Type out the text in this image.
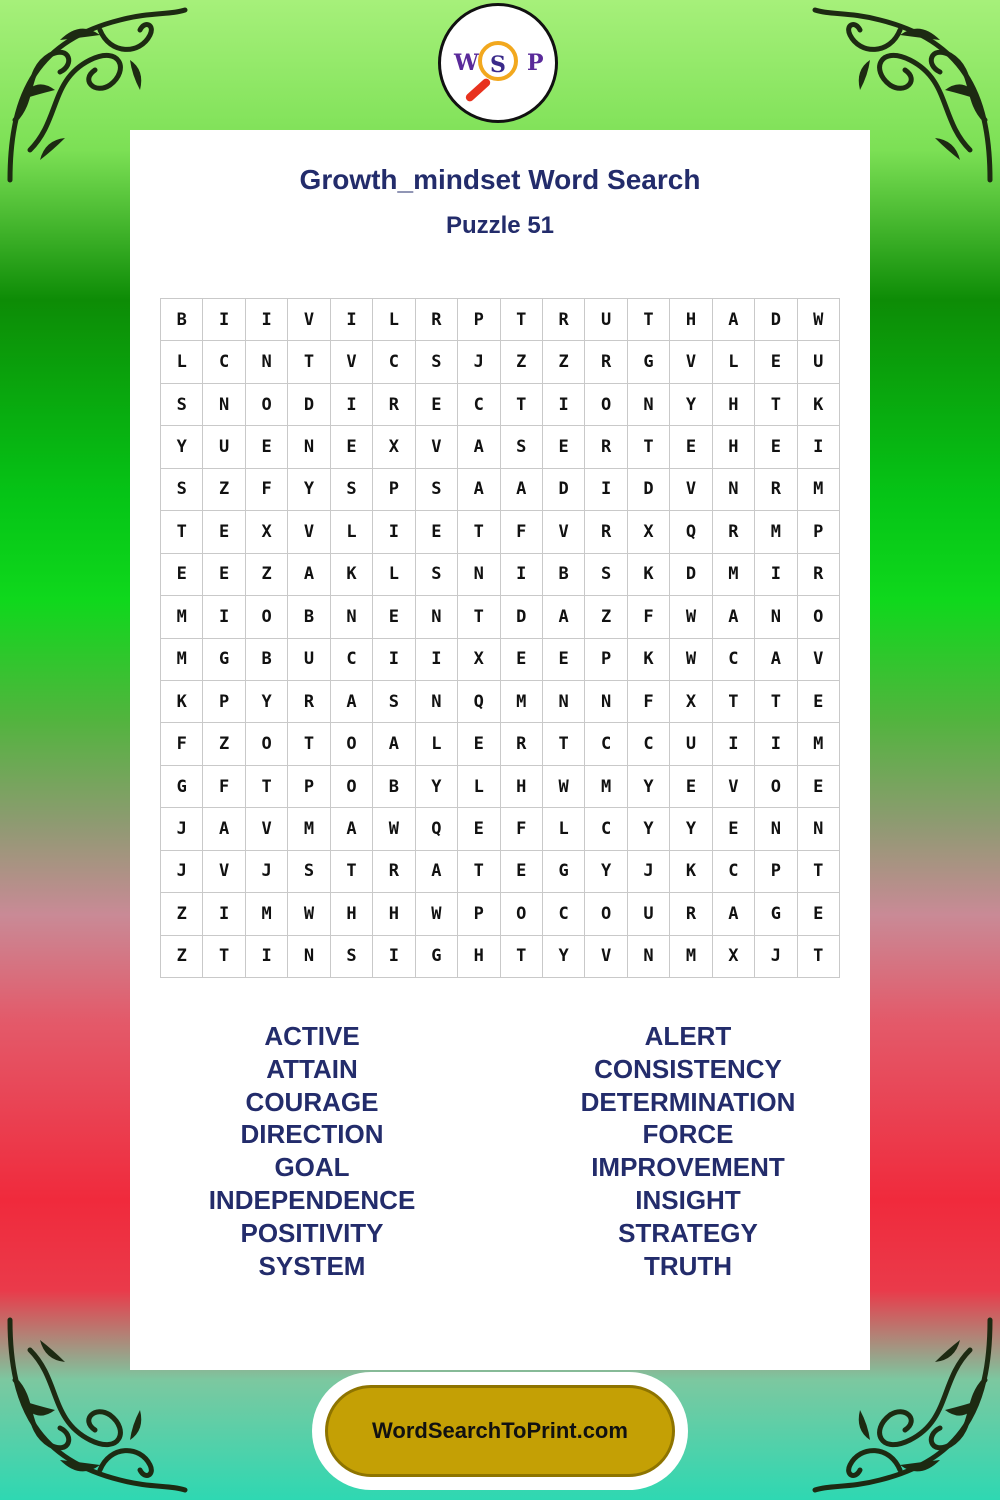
W S P
Growth_mindset Word Search
Puzzle 51
B	I	I	V	I	L	R	P	T	R	U	T	H	A	D	W
L	C	N	T	V	C	S	J	Z	Z	R	G	V	L	E	U
S	N	O	D	I	R	E	C	T	I	O	N	Y	H	T	K
Y	U	E	N	E	X	V	A	S	E	R	T	E	H	E	I
S	Z	F	Y	S	P	S	A	A	D	I	D	V	N	R	M
T	E	X	V	L	I	E	T	F	V	R	X	Q	R	M	P
E	E	Z	A	K	L	S	N	I	B	S	K	D	M	I	R
M	I	O	B	N	E	N	T	D	A	Z	F	W	A	N	O
M	G	B	U	C	I	I	X	E	E	P	K	W	C	A	V
K	P	Y	R	A	S	N	Q	M	N	N	F	X	T	T	E
F	Z	O	T	O	A	L	E	R	T	C	C	U	I	I	M
G	F	T	P	O	B	Y	L	H	W	M	Y	E	V	O	E
J	A	V	M	A	W	Q	E	F	L	C	Y	Y	E	N	N
J	V	J	S	T	R	A	T	E	G	Y	J	K	C	P	T
Z	I	M	W	H	H	W	P	O	C	O	U	R	A	G	E
Z	T	I	N	S	I	G	H	T	Y	V	N	M	X	J	T
ACTIVE
ATTAIN
COURAGE
DIRECTION
GOAL
INDEPENDENCE
POSITIVITY
SYSTEM
ALERT
CONSISTENCY
DETERMINATION
FORCE
IMPROVEMENT
INSIGHT
STRATEGY
TRUTH
WordSearchToPrint.com
